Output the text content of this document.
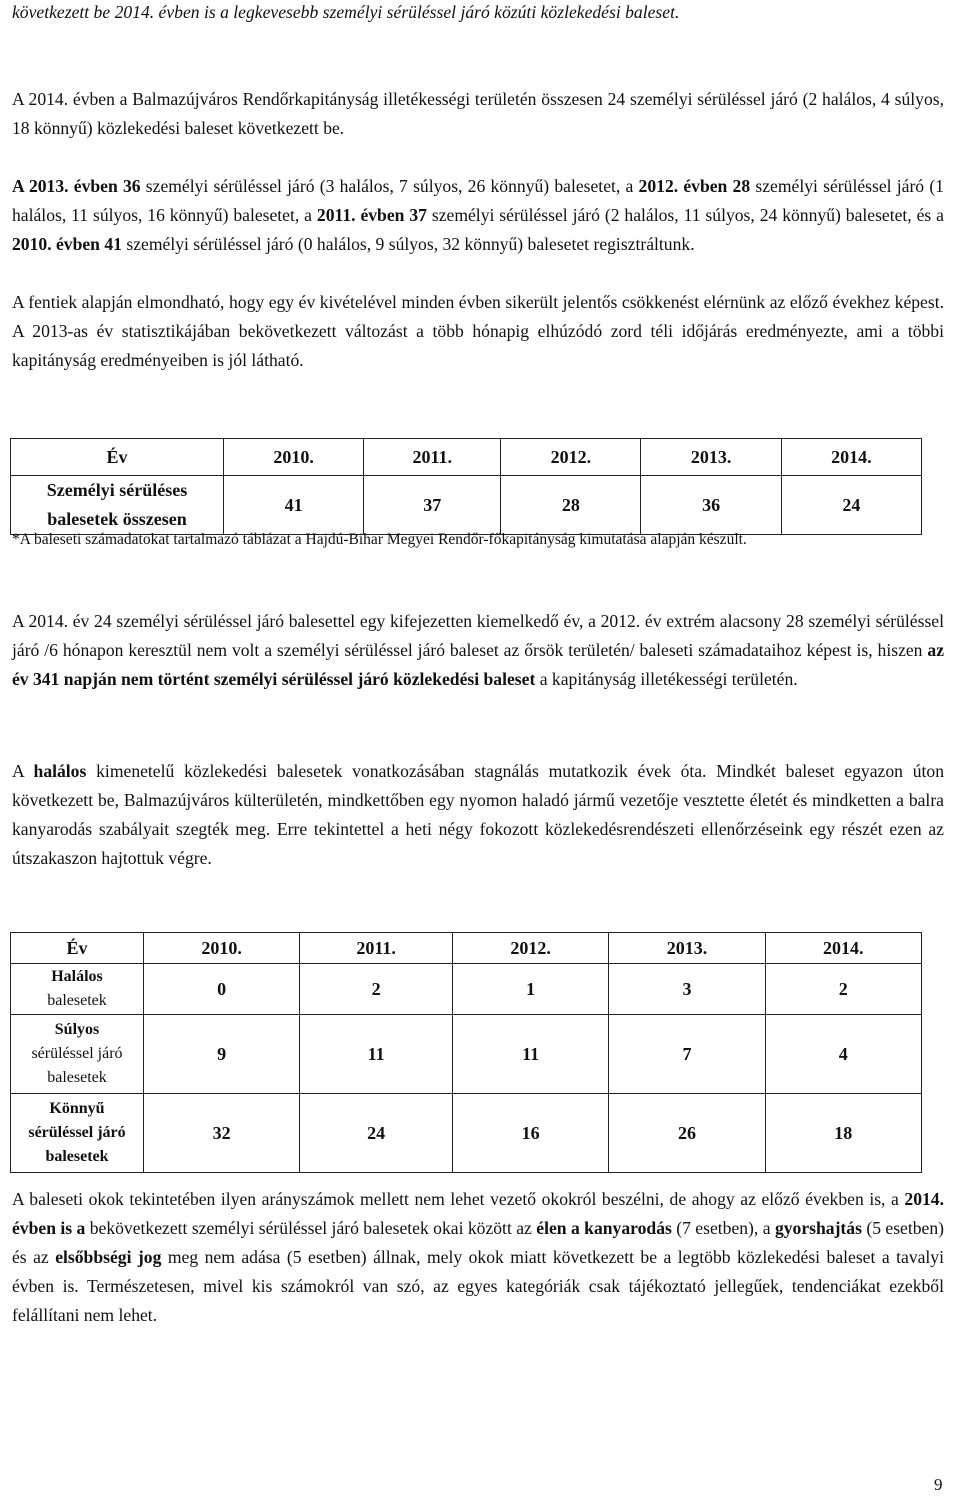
következett be 2014. évben is a legkevesebb személyi sérüléssel járó közúti közlekedési baleset.

A 2014. évben a Balmazújváros Rendőrkapitányság illetékességi területén összesen 24 személyi sérüléssel járó (2 halálos, 4 súlyos, 18 könnyű) közlekedési baleset következett be.

A 2013. évben 36 személyi sérüléssel járó (3 halálos, 7 súlyos, 26 könnyű) balesetet, a 2012. évben 28 személyi sérüléssel járó (1 halálos, 11 súlyos, 16 könnyű) balesetet, a 2011. évben 37 személyi sérüléssel járó (2 halálos, 11 súlyos, 24 könnyű) balesetet, és a 2010. évben 41 személyi sérüléssel járó (0 halálos, 9 súlyos, 32 könnyű) balesetet regisztráltunk.

A fentiek alapján elmondható, hogy egy év kivételével minden évben sikerült jelentős csökkenést elérnünk az előző évekhez képest. A 2013-as év statisztikájában bekövetkezett változást a több hónapig elhúzódó zord téli időjárás eredményezte, ami a többi kapitányság eredményeiben is jól látható.

Év	2010.	2011.	2012.	2013.	2014.
Személyi sérüléses balesetek összesen	41	37	28	36	24

*A baleseti számadatokat tartalmazó táblázat a Hajdú-Bihar Megyei Rendőr-főkapitányság kimutatása alapján készült.

A 2014. év 24 személyi sérüléssel járó balesettel egy kifejezetten kiemelkedő év, a 2012. év extrém alacsony 28 személyi sérüléssel járó /6 hónapon keresztül nem volt a személyi sérüléssel járó baleset az őrsök területén/ baleseti számadataihoz képest is, hiszen az év 341 napján nem történt személyi sérüléssel járó közlekedési baleset a kapitányság illetékességi területén.

A halálos kimenetelű közlekedési balesetek vonatkozásában stagnálás mutatkozik évek óta. Mindkét baleset egyazon úton következett be, Balmazújváros külterületén, mindkettőben egy nyomon haladó jármű vezetője vesztette életét és mindketten a balra kanyarodás szabályait szegték meg. Erre tekintettel a heti négy fokozott közlekedésrendészeti ellenőrzéseink egy részét ezen az útszakaszon hajtottuk végre.

Év	2010.	2011.	2012.	2013.	2014.

Halálos
balesetek	0	2	1	3	2

Súlyos
sérüléssel járó
balesetek	9	11	11	7	4

Könnyű
sérüléssel járó
balesetek	32	24	16	26	18

A baleseti okok tekintetében ilyen arányszámok mellett nem lehet vezető okokról beszélni, de ahogy az előző években is, a 2014. évben is a bekövetkezett személyi sérüléssel járó balesetek okai között az élen a kanyarodás (7 esetben), a gyorshajtás (5 esetben) és az elsőbbségi jog meg nem adása (5 esetben) állnak, mely okok miatt következett be a legtöbb közlekedési baleset a tavalyi évben is. Természetesen, mivel kis számokról van szó, az egyes kategóriák csak tájékoztató jellegűek, tendenciákat ezekből felállítani nem lehet.

9
